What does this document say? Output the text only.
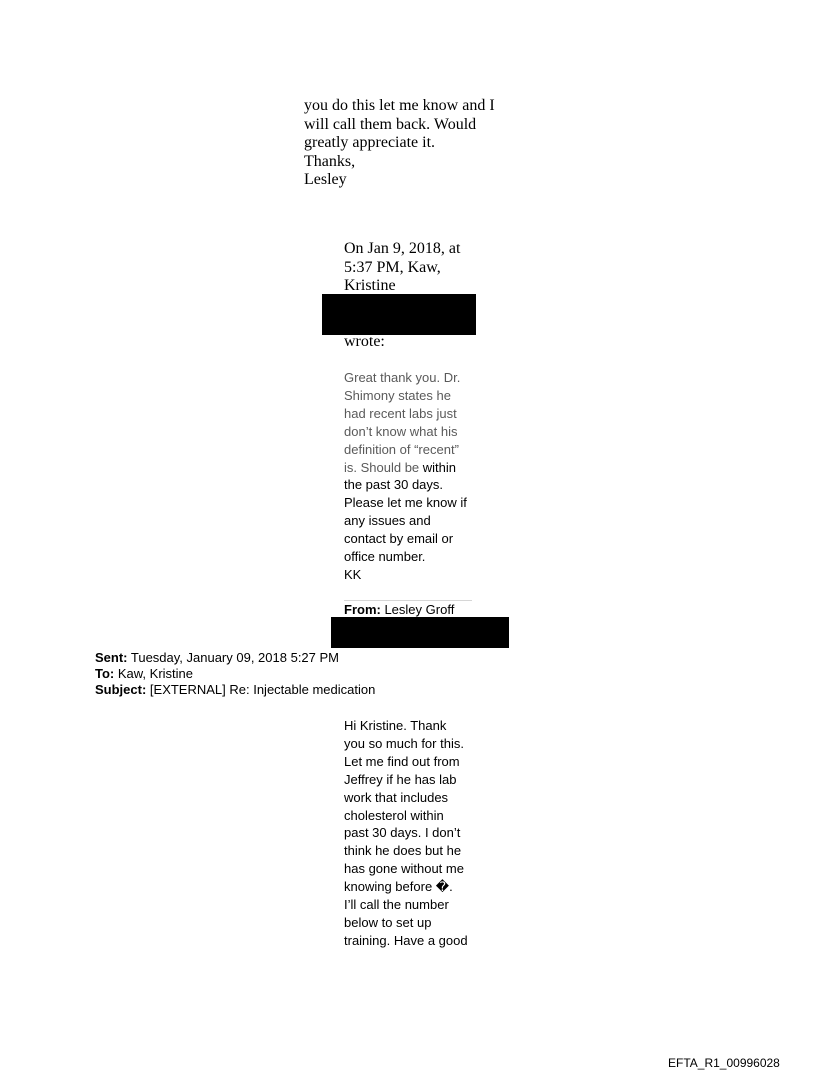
you do this let me know and I
will call them back. Would
greatly appreciate it.
Thanks,
Lesley
On Jan 9, 2018, at
5:37 PM, Kaw,
Kristine
wrote:
Great thank you. Dr.
Shimony states he
had recent labs just
don’t know what his
definition of “recent”
is. Should be within
the past 30 days.
Please let me know if
any issues and
contact by email or
office number.
KK
From: Lesley Groff
Sent: Tuesday, January 09, 2018 5:27 PM
To: Kaw, Kristine
Subject: [EXTERNAL] Re: Injectable medication
Hi Kristine. Thank
you so much for this.
Let me find out from
Jeffrey if he has lab
work that includes
cholesterol within
past 30 days. I don’t
think he does but he
has gone without me
knowing before �.
I’ll call the number
below to set up
training. Have a good
EFTA_R1_00996028
